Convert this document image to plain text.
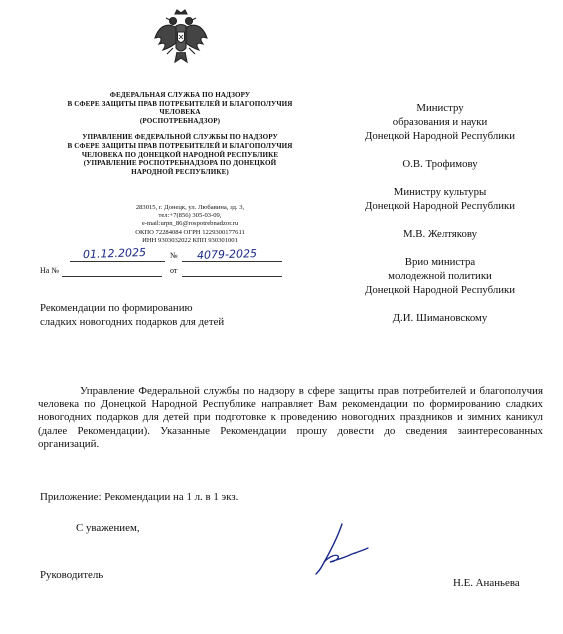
ФЕДЕРАЛЬНАЯ СЛУЖБА ПО НАДЗОРУ
В СФЕРЕ ЗАЩИТЫ ПРАВ ПОТРЕБИТЕЛЕЙ И БЛАГОПОЛУЧИЯ
ЧЕЛОВЕКА
(РОСПОТРЕБНАДЗОР)
УПРАВЛЕНИЕ ФЕДЕРАЛЬНОЙ СЛУЖБЫ ПО НАДЗОРУ
В СФЕРЕ ЗАЩИТЫ ПРАВ ПОТРЕБИТЕЛЕЙ И БЛАГОПОЛУЧИЯ
ЧЕЛОВЕКА ПО ДОНЕЦКОЙ НАРОДНОЙ РЕСПУБЛИКЕ
(УПРАВЛЕНИЕ РОСПОТРЕБНАДЗОРА ПО ДОНЕЦКОЙ
НАРОДНОЙ РЕСПУБЛИКЕ)
283015, г. Донецк, ул. Любавина, зд. 3,
тел:+7(856) 305-03-09,
e-mail:urpn_86@rospotrebnadzor.ru
ОКПО 72284084 ОГРН 1229300177611
ИНН 9303032022 КПП 930301001
01.12.2025	№ 4079-2025
На №	от
Рекомендации по формированию
сладких новогодних подарков для детей
Министру
образования и науки
Донецкой Народной Республики
О.В. Трофимову
Министру культуры
Донецкой Народной Республики
М.В. Желтякову
Врио министра
молодежной политики
Донецкой Народной Республики
Д.И. Шимановскому
Управление Федеральной службы по надзору в сфере защиты прав потребителей и благополучия человека по Донецкой Народной Республике направляет Вам рекомендации по формированию сладких новогодних подарков для детей при подготовке к проведению новогодних праздников и зимних каникул (далее Рекомендации). Указанные Рекомендации прошу довести до сведения заинтересованных организаций.
Приложение: Рекомендации на 1 л. в 1 экз.
С уважением,
Руководитель
Н.Е. Ананьева
